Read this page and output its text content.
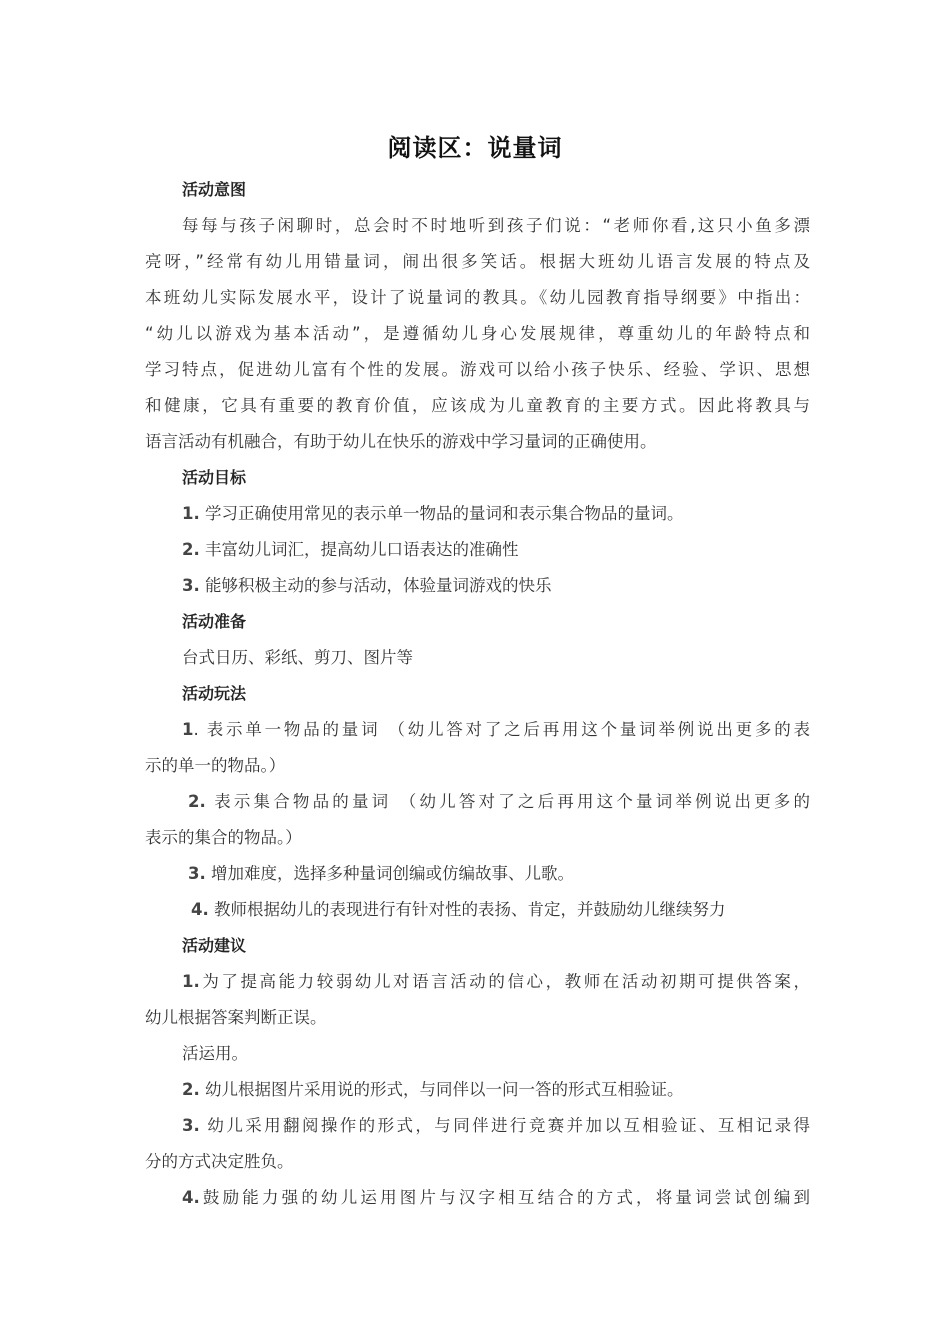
阅读区：说量词
活动意图
每每与孩子闲聊时，总会时不时地听到孩子们说：“老师你看,这只小鱼多漂
亮呀，”经常有幼儿用错量词，闹出很多笑话。根据大班幼儿语言发展的特点及
本班幼儿实际发展水平，设计了说量词的教具。《幼儿园教育指导纲要》中指出：
“幼儿以游戏为基本活动”，是遵循幼儿身心发展规律，尊重幼儿的年龄特点和
学习特点，促进幼儿富有个性的发展。游戏可以给小孩子快乐、经验、学识、思想
和健康，它具有重要的教育价值，应该成为儿童教育的主要方式。因此将教具与
语言活动有机融合，有助于幼儿在快乐的游戏中学习量词的正确使用。
活动目标
1. 学习正确使用常见的表示单一物品的量词和表示集合物品的量词。
2. 丰富幼儿词汇，提高幼儿口语表达的准确性
3. 能够积极主动的参与活动，体验量词游戏的快乐
活动准备
台式日历、彩纸、剪刀、图片等
活动玩法
1. 表示单一物品的量词 （幼儿答对了之后再用这个量词举例说出更多的表
示的单一的物品。）
2. 表示集合物品的量词 （幼儿答对了之后再用这个量词举例说出更多的
表示的集合的物品。）
3. 增加难度，选择多种量词创编或仿编故事、儿歌。
4. 教师根据幼儿的表现进行有针对性的表扬、肯定，并鼓励幼儿继续努力
活动建议
1.为了提高能力较弱幼儿对语言活动的信心，教师在活动初期可提供答案，
幼儿根据答案判断正误。
活运用。
2. 幼儿根据图片采用说的形式，与同伴以一问一答的形式互相验证。
3. 幼儿采用翻阅操作的形式，与同伴进行竞赛并加以互相验证、互相记录得
分的方式决定胜负。
4.鼓励能力强的幼儿运用图片与汉字相互结合的方式，将量词尝试创编到
